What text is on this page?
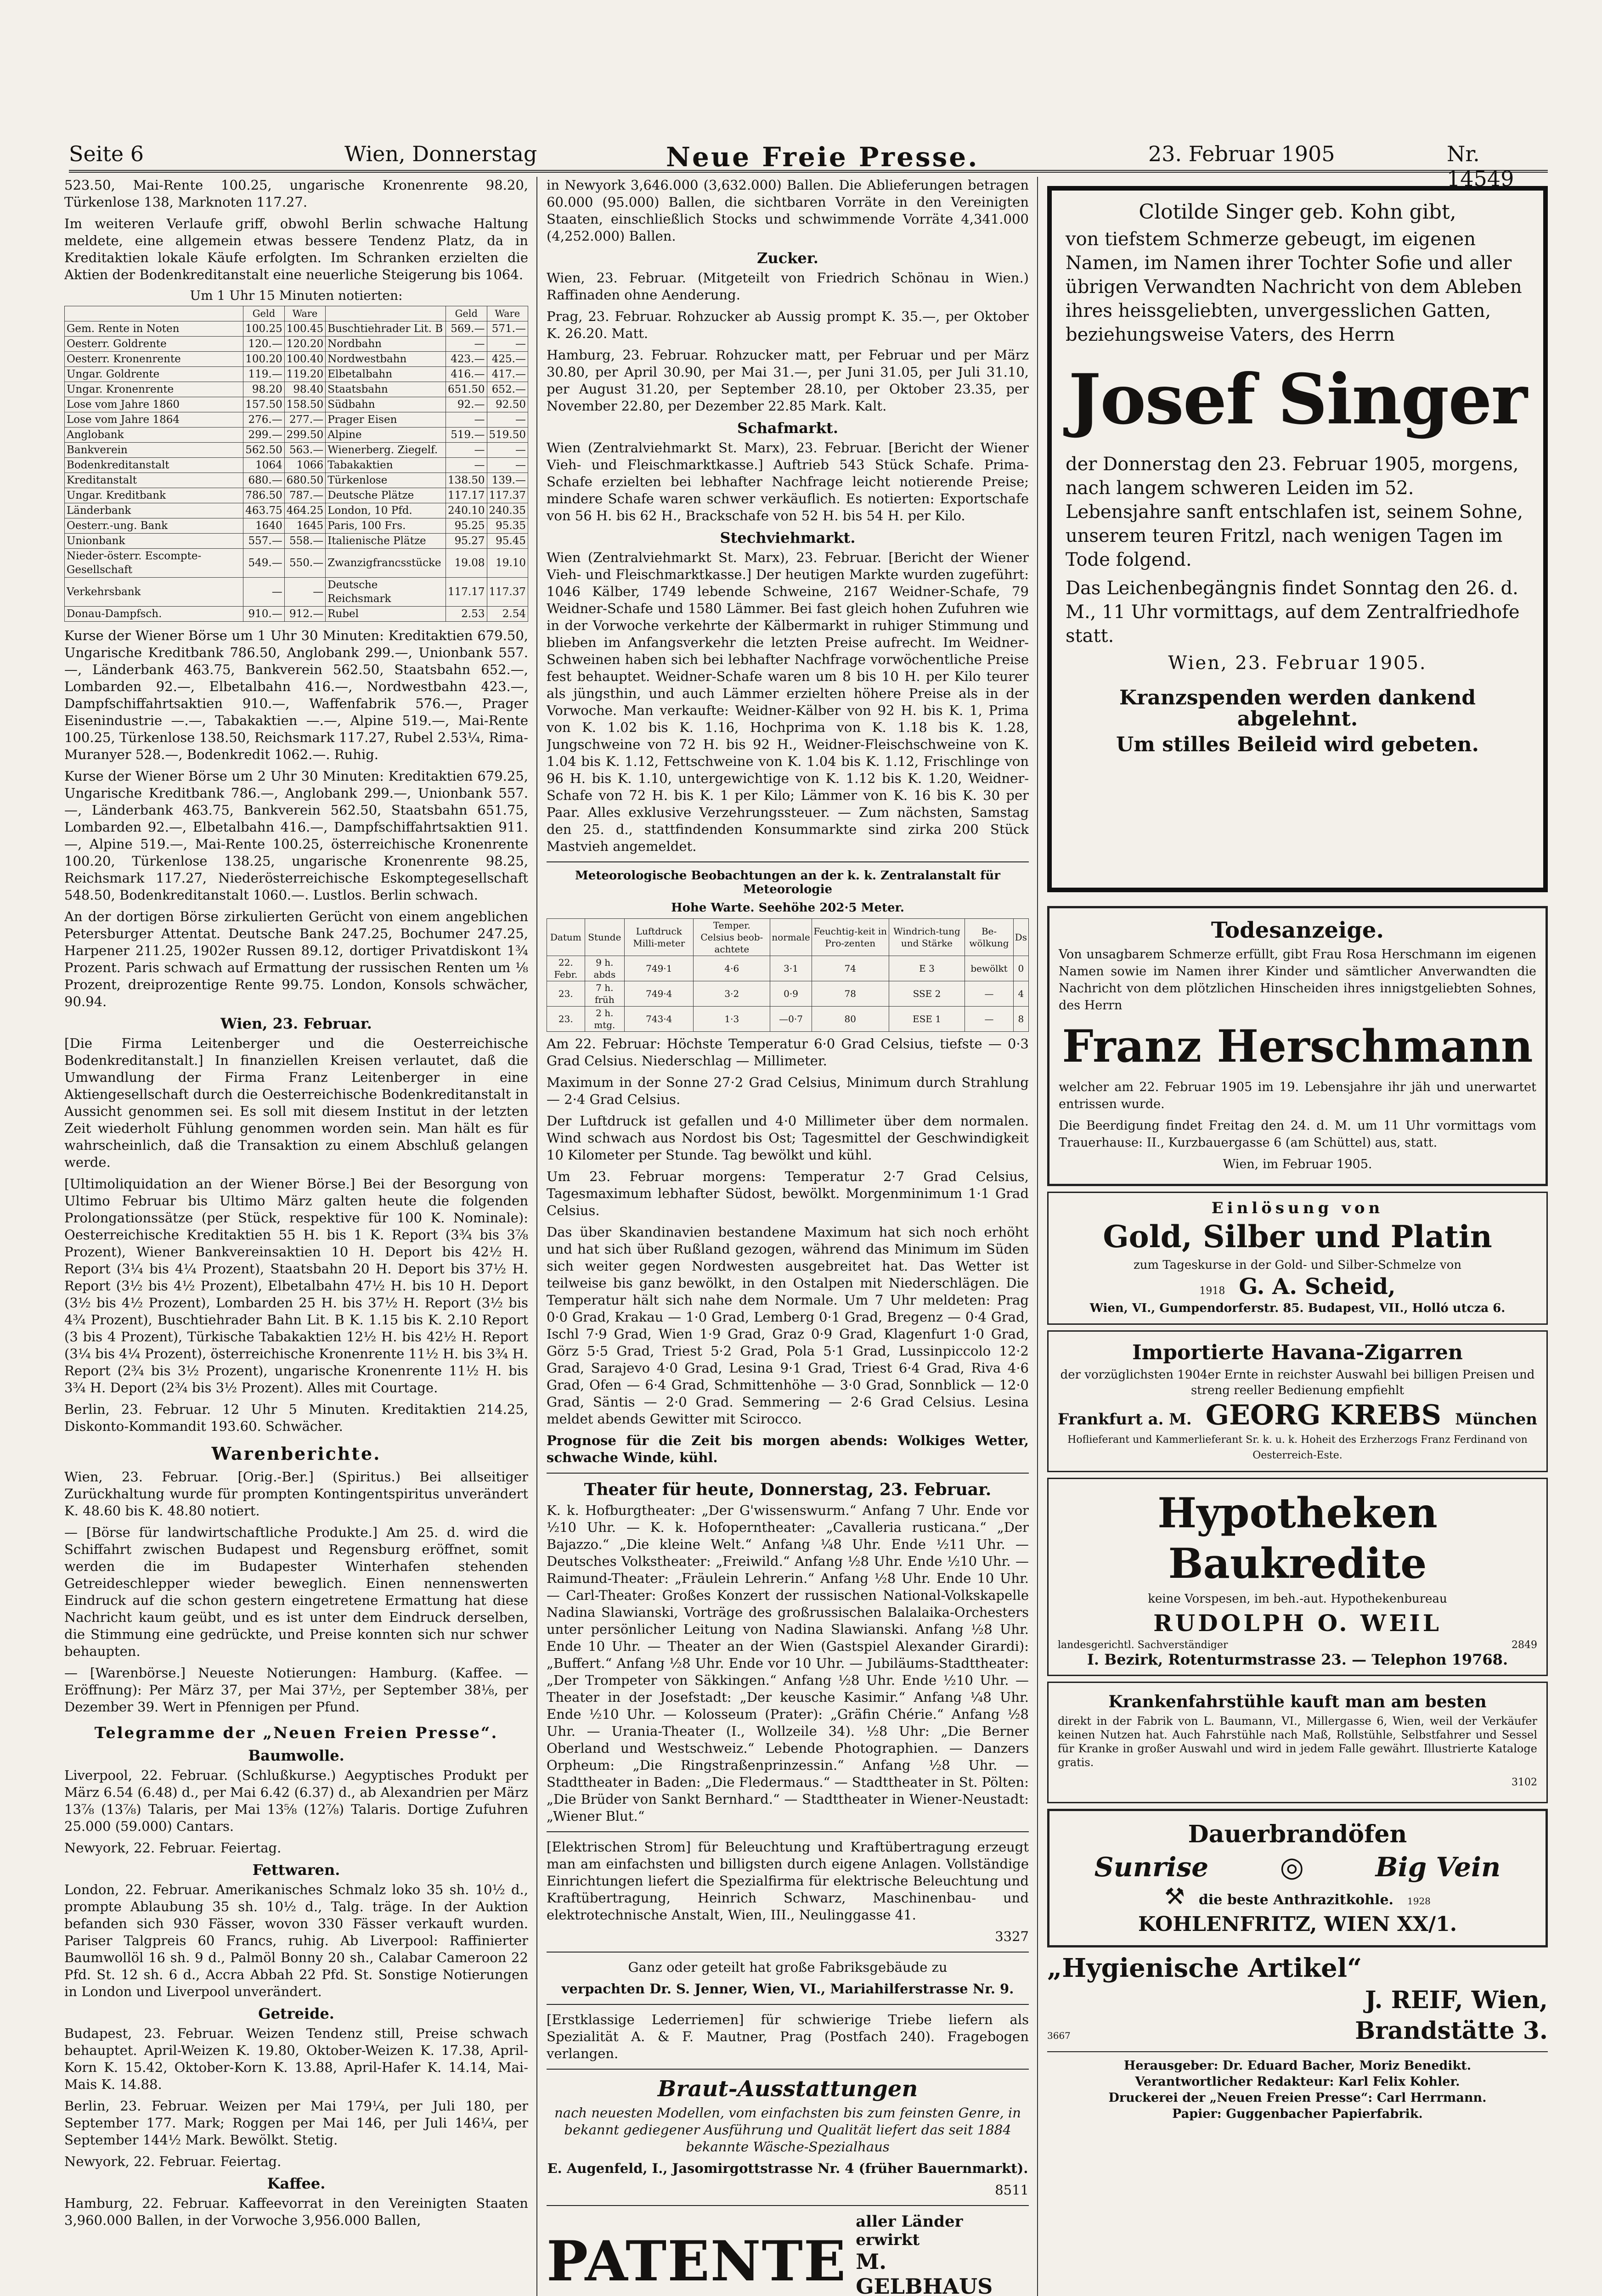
Seite 6	Wien, Donnerstag	Neue Freie Presse.	23. Februar 1905	Nr. 14549

523.50, Mai-Rente 100.25, ungarische Kronenrente 98.20, Türkenlose 138, Marknoten 117.27.

Im weiteren Verlaufe griff, obwohl Berlin schwache Haltung meldete, eine allgemein etwas bessere Tendenz Platz, da in Kreditaktien lokale Käufe erfolgten. Im Schranken erzielten die Aktien der Bodenkreditanstalt eine neuerliche Steigerung bis 1064.

Um 1 Uhr 15 Minuten notierten:
	Geld	Ware		Geld	Ware
Gem. Rente in Noten	100.25	100.45	Buschtiehrader Lit. B	569.—	571.—
Oesterr. Goldrente	120.—	120.20	Nordbahn	—	—
Oesterr. Kronenrente	100.20	100.40	Nordwestbahn	423.—	425.—
Ungar. Goldrente	119.—	119.20	Elbetalbahn	416.—	417.—
Ungar. Kronenrente	98.20	98.40	Staatsbahn	651.50	652.—
Lose vom Jahre 1860	157.50	158.50	Südbahn	92.—	92.50
Lose vom Jahre 1864	276.—	277.—	Prager Eisen	—	—
Anglobank	299.—	299.50	Alpine	519.—	519.50
Bankverein	562.50	563.—	Wienerberg. Ziegelf.	—	—
Bodenkreditanstalt	1064	1066	Tabakaktien	—	—
Kreditanstalt	680.—	680.50	Türkenlose	138.50	139.—
Ungar. Kreditbank	786.50	787.—	Deutsche Plätze	117.17	117.37
Länderbank	463.75	464.25	London, 10 Pfd.	240.10	240.35
Oesterr.-ung. Bank	1640	1645	Paris, 100 Frs.	95.25	95.35
Unionbank	557.—	558.—	Italienische Plätze	95.27	95.45
Nieder-österr. Escompte-Gesellschaft	549.—	550.—	Zwanzigfrancsstücke	19.08	19.10
Verkehrsbank	—	—	Deutsche Reichsmark	117.17	117.37
Donau-Dampfsch.	910.—	912.—	Rubel	2.53	2.54

Kurse der Wiener Börse um 1 Uhr 30 Minuten: Kreditaktien 679.50, Ungarische Kreditbank 786.50, Anglobank 299.—, Unionbank 557.—, Länderbank 463.75, Bankverein 562.50, Staatsbahn 652.—, Lombarden 92.—, Elbetalbahn 416.—, Nordwestbahn 423.—, Dampfschiffahrtsaktien 910.—, Waffenfabrik 576.—, Prager Eisenindustrie —.—, Tabakaktien —.—, Alpine 519.—, Mai-Rente 100.25, Türkenlose 138.50, Reichsmark 117.27, Rubel 2.53¼, Rima-Muranyer 528.—, Bodenkredit 1062.—. Ruhig.

Kurse der Wiener Börse um 2 Uhr 30 Minuten: Kreditaktien 679.25, Ungarische Kreditbank 786.—, Anglobank 299.—, Unionbank 557.—, Länderbank 463.75, Bankverein 562.50, Staatsbahn 651.75, Lombarden 92.—, Elbetalbahn 416.—, Dampfschiffahrtsaktien 911.—, Alpine 519.—, Mai-Rente 100.25, österreichische Kronenrente 100.20, Türkenlose 138.25, ungarische Kronenrente 98.25, Reichsmark 117.27, Niederösterreichische Eskomptegesellschaft 548.50, Bodenkreditanstalt 1060.—. Lustlos. Berlin schwach.

An der dortigen Börse zirkulierten Gerücht von einem angeblichen Petersburger Attentat. Deutsche Bank 247.25, Bochumer 247.25, Harpener 211.25, 1902er Russen 89.12, dortiger Privatdiskont 1¾ Prozent. Paris schwach auf Ermattung der russischen Renten um ⅛ Prozent, dreiprozentige Rente 99.75. London, Konsols schwächer, 90.94.

Wien, 23. Februar.

[Die Firma Leitenberger und die Oesterreichische Bodenkreditanstalt.] In finanziellen Kreisen verlautet, daß die Umwandlung der Firma Franz Leitenberger in eine Aktiengesellschaft durch die Oesterreichische Bodenkreditanstalt in Aussicht genommen sei. Es soll mit diesem Institut in der letzten Zeit wiederholt Fühlung genommen worden sein. Man hält es für wahrscheinlich, daß die Transaktion zu einem Abschluß gelangen werde.

[Ultimoliquidation an der Wiener Börse.] Bei der Besorgung von Ultimo Februar bis Ultimo März galten heute die folgenden Prolongationssätze (per Stück, respektive für 100 K. Nominale): Oesterreichische Kreditaktien 55 H. bis 1 K. Report (3¾ bis 3⅞ Prozent), Wiener Bankvereinsaktien 10 H. Deport bis 42½ H. Report (3¼ bis 4¼ Prozent), Staatsbahn 20 H. Deport bis 37½ H. Report (3½ bis 4½ Prozent), Elbetalbahn 47½ H. bis 10 H. Deport (3½ bis 4½ Prozent), Lombarden 25 H. bis 37½ H. Report (3½ bis 4¾ Prozent), Buschtiehrader Bahn Lit. B K. 1.15 bis K. 2.10 Report (3 bis 4 Prozent), Türkische Tabakaktien 12½ H. bis 42½ H. Report (3¼ bis 4¼ Prozent), österreichische Kronenrente 11½ H. bis 3¾ H. Report (2¾ bis 3½ Prozent), ungarische Kronenrente 11½ H. bis 3¾ H. Deport (2¾ bis 3½ Prozent). Alles mit Courtage.

Berlin, 23. Februar. 12 Uhr 5 Minuten. Kreditaktien 214.25, Diskonto-Kommandit 193.60. Schwächer.

Warenberichte.

Wien, 23. Februar. [Orig.-Ber.] (Spiritus.) Bei allseitiger Zurückhaltung wurde für prompten Kontingentspiritus unverändert K. 48.60 bis K. 48.80 notiert.

— [Börse für landwirtschaftliche Produkte.] Am 25. d. wird die Schiffahrt zwischen Budapest und Regensburg eröffnet, somit werden die im Budapester Winterhafen stehenden Getreideschlepper wieder beweglich. Einen nennenswerten Eindruck auf die schon gestern eingetretene Ermattung hat diese Nachricht kaum geübt, und es ist unter dem Eindruck derselben, die Stimmung eine gedrückte, und Preise konnten sich nur schwer behaupten.

— [Warenbörse.] Neueste Notierungen: Hamburg. (Kaffee. — Eröffnung): Per März 37, per Mai 37½, per September 38⅛, per Dezember 39. Wert in Pfennigen per Pfund.

Telegramme der „Neuen Freien Presse“.
Baumwolle.

Liverpool, 22. Februar. (Schlußkurse.) Aegyptisches Produkt per März 6.54 (6.48) d., per Mai 6.42 (6.37) d., ab Alexandrien per März 13⅞ (13⅞) Talaris, per Mai 13⅝ (12⅞) Talaris. Dortige Zufuhren 25.000 (59.000) Cantars.

Newyork, 22. Februar. Feiertag.

Fettwaren.

London, 22. Februar. Amerikanisches Schmalz loko 35 sh. 10½ d., prompte Ablaubung 35 sh. 10½ d., Talg. träge. In der Auktion befanden sich 930 Fässer, wovon 330 Fässer verkauft wurden. Pariser Talgpreis 60 Francs, ruhig. Ab Liverpool: Raffinierter Baumwollöl 16 sh. 9 d., Palmöl Bonny 20 sh., Calabar Cameroon 22 Pfd. St. 12 sh. 6 d., Accra Abbah 22 Pfd. St. Sonstige Notierungen in London und Liverpool unverändert.

Getreide.

Budapest, 23. Februar. Weizen Tendenz still, Preise schwach behauptet. April-Weizen K. 19.80, Oktober-Weizen K. 17.38, April-Korn K. 15.42, Oktober-Korn K. 13.88, April-Hafer K. 14.14, Mai-Mais K. 14.88.

Berlin, 23. Februar. Weizen per Mai 179¼, per Juli 180, per September 177. Mark; Roggen per Mai 146, per Juli 146¼, per September 144½ Mark. Bewölkt. Stetig.

Newyork, 22. Februar. Feiertag.

Kaffee.

Hamburg, 22. Februar. Kaffeevorrat in den Vereinigten Staaten 3,960.000 Ballen, in der Vorwoche 3,956.000 Ballen,

in Newyork 3,646.000 (3,632.000) Ballen. Die Ablieferungen betragen 60.000 (95.000) Ballen, die sichtbaren Vorräte in den Vereinigten Staaten, einschließlich Stocks und schwimmende Vorräte 4,341.000 (4,252.000) Ballen.

Zucker.

Wien, 23. Februar. (Mitgeteilt von Friedrich Schönau in Wien.) Raffinaden ohne Aenderung.

Prag, 23. Februar. Rohzucker ab Aussig prompt K. 35.—, per Oktober K. 26.20. Matt.

Hamburg, 23. Februar. Rohzucker matt, per Februar und per März 30.80, per April 30.90, per Mai 31.—, per Juni 31.05, per Juli 31.10, per August 31.20, per September 28.10, per Oktober 23.35, per November 22.80, per Dezember 22.85 Mark. Kalt.

Schafmarkt.

Wien (Zentralviehmarkt St. Marx), 23. Februar. [Bericht der Wiener Vieh- und Fleischmarktkasse.] Auftrieb 543 Stück Schafe. Prima-Schafe erzielten bei lebhafter Nachfrage leicht notierende Preise; mindere Schafe waren schwer verkäuflich. Es notierten: Exportschafe von 56 H. bis 62 H., Brackschafe von 52 H. bis 54 H. per Kilo.

Stechviehmarkt.

Wien (Zentralviehmarkt St. Marx), 23. Februar. [Bericht der Wiener Vieh- und Fleischmarktkasse.] Der heutigen Markte wurden zugeführt: 1046 Kälber, 1749 lebende Schweine, 2167 Weidner-Schafe, 79 Weidner-Schafe und 1580 Lämmer. Bei fast gleich hohen Zufuhren wie in der Vorwoche verkehrte der Kälbermarkt in ruhiger Stimmung und blieben im Anfangsverkehr die letzten Preise aufrecht. Im Weidner-Schweinen haben sich bei lebhafter Nachfrage vorwöchentliche Preise fest behauptet. Weidner-Schafe waren um 8 bis 10 H. per Kilo teurer als jüngsthin, und auch Lämmer erzielten höhere Preise als in der Vorwoche. Man verkaufte: Weidner-Kälber von 92 H. bis K. 1, Prima von K. 1.02 bis K. 1.16, Hochprima von K. 1.18 bis K. 1.28, Jungschweine von 72 H. bis 92 H., Weidner-Fleischschweine von K. 1.04 bis K. 1.12, Fettschweine von K. 1.04 bis K. 1.12, Frischlinge von 96 H. bis K. 1.10, untergewichtige von K. 1.12 bis K. 1.20, Weidner-Schafe von 72 H. bis K. 1 per Kilo; Lämmer von K. 16 bis K. 30 per Paar. Alles exklusive Verzehrungssteuer. — Zum nächsten, Samstag den 25. d., stattfindenden Konsummarkte sind zirka 200 Stück Mastvieh angemeldet.

Meteorologische Beobachtungen an der k. k. Zentralanstalt für Meteorologie
Hohe Warte. Seehöhe 202·5 Meter.
Datum	Stunde	Luftdruck Milli-meter	Temper. Celsius beob-achtete	normale	Feuchtig-keit in Pro-zenten	Windrich-tung und Stärke	Be-wölkung	Ds
22. Febr.	9 h. abds	749·1	4·6	3·1	74	E 3	bewölkt	0
23.	7 h. früh	749·4	3·2	0·9	78	SSE 2	—	4
23.	2 h. mtg.	743·4	1·3	—0·7	80	ESE 1	—	8

Am 22. Februar: Höchste Temperatur 6·0 Grad Celsius, tiefste — 0·3 Grad Celsius. Niederschlag — Millimeter.

Maximum in der Sonne 27·2 Grad Celsius, Minimum durch Strahlung — 2·4 Grad Celsius.

Der Luftdruck ist gefallen und 4·0 Millimeter über dem normalen. Wind schwach aus Nordost bis Ost; Tagesmittel der Geschwindigkeit 10 Kilometer per Stunde. Tag bewölkt und kühl.

Um 23. Februar morgens: Temperatur 2·7 Grad Celsius, Tagesmaximum lebhafter Südost, bewölkt. Morgenminimum 1·1 Grad Celsius.

Das über Skandinavien bestandene Maximum hat sich noch erhöht und hat sich über Rußland gezogen, während das Minimum im Süden sich weiter gegen Nordwesten ausgebreitet hat. Das Wetter ist teilweise bis ganz bewölkt, in den Ostalpen mit Niederschlägen. Die Temperatur hält sich nahe dem Normale. Um 7 Uhr meldeten: Prag 0·0 Grad, Krakau — 1·0 Grad, Lemberg 0·1 Grad, Bregenz — 0·4 Grad, Ischl 7·9 Grad, Wien 1·9 Grad, Graz 0·9 Grad, Klagenfurt 1·0 Grad, Görz 5·5 Grad, Triest 5·2 Grad, Pola 5·1 Grad, Lussinpiccolo 12·2 Grad, Sarajevo 4·0 Grad, Lesina 9·1 Grad, Triest 6·4 Grad, Riva 4·6 Grad, Ofen — 6·4 Grad, Schmittenhöhe — 3·0 Grad, Sonnblick — 12·0 Grad, Säntis — 2·0 Grad. Semmering — 2·6 Grad Celsius. Lesina meldet abends Gewitter mit Scirocco.

Prognose für die Zeit bis morgen abends: Wolkiges Wetter, schwache Winde, kühl.

Theater für heute, Donnerstag, 23. Februar.

K. k. Hofburgtheater: „Der G'wissenswurm.“ Anfang 7 Uhr. Ende vor ½10 Uhr. — K. k. Hofoperntheater: „Cavalleria rusticana.“ „Der Bajazzo.“ „Die kleine Welt.“ Anfang ¼8 Uhr. Ende ½11 Uhr. — Deutsches Volkstheater: „Freiwild.“ Anfang ½8 Uhr. Ende ½10 Uhr. — Raimund-Theater: „Fräulein Lehrerin.“ Anfang ½8 Uhr. Ende 10 Uhr. — Carl-Theater: Großes Konzert der russischen National-Volkskapelle Nadina Slawianski, Vorträge des großrussischen Balalaika-Orchesters unter persönlicher Leitung von Nadina Slawianski. Anfang ½8 Uhr. Ende 10 Uhr. — Theater an der Wien (Gastspiel Alexander Girardi): „Buffert.“ Anfang ½8 Uhr. Ende vor 10 Uhr. — Jubiläums-Stadttheater: „Der Trompeter von Säkkingen.“ Anfang ½8 Uhr. Ende ½10 Uhr. — Theater in der Josefstadt: „Der keusche Kasimir.“ Anfang ¼8 Uhr. Ende ½10 Uhr. — Kolosseum (Prater): „Gräfin Chérie.“ Anfang ½8 Uhr. — Urania-Theater (I., Wollzeile 34). ½8 Uhr: „Die Berner Oberland und Westschweiz.“ Lebende Photographien. — Danzers Orpheum: „Die Ringstraßenprinzessin.“ Anfang ½8 Uhr. — Stadttheater in Baden: „Die Fledermaus.“ — Stadttheater in St. Pölten: „Die Brüder von Sankt Bernhard.“ — Stadttheater in Wiener-Neustadt: „Wiener Blut.“

[Elektrischen Strom] für Beleuchtung und Kraftübertragung erzeugt man am einfachsten und billigsten durch eigene Anlagen. Vollständige Einrichtungen liefert die Spezialfirma für elektrische Beleuchtung und Kraftübertragung, Heinrich Schwarz, Maschinenbau- und elektrotechnische Anstalt, Wien, III., Neulinggasse 41.

3327

Ganz oder geteilt hat große Fabriksgebäude zu

verpachten Dr. S. Jenner, Wien, VI., Mariahilferstrasse Nr. 9.

[Erstklassige Lederriemen] für schwierige Triebe liefern als Spezialität A. & F. Mautner, Prag (Postfach 240). Fragebogen verlangen.

Braut-Ausstattungen

nach neuesten Modellen, vom einfachsten bis zum feinsten Genre, in bekannt gediegener Ausführung und Qualität liefert das seit 1884 bekannte Wäsche-Spezialhaus

E. Augenfeld, I., Jasomirgottstrasse Nr. 4 (früher Bauernmarkt).

8511

PATENTE
aller Länder
erwirkt
M. GELBHAUS

Clotilde Singer geb. Kohn gibt,

von tiefstem Schmerze gebeugt, im eigenen Namen, im Namen ihrer Tochter Sofie und aller übrigen Verwandten Nachricht von dem Ableben ihres heissgeliebten, unvergesslichen Gatten, beziehungsweise Vaters, des Herrn

Josef Singer

der Donnerstag den 23. Februar 1905, morgens, nach langem schweren Leiden im 52. Lebensjahre sanft entschlafen ist, seinem Sohne, unserem teuren Fritzl, nach wenigen Tagen im Tode folgend.

Das Leichenbegängnis findet Sonntag den 26. d. M., 11 Uhr vormittags, auf dem Zentralfriedhofe statt.

Wien, 23. Februar 1905.

Kranzspenden werden dankend abgelehnt.

Um stilles Beileid wird gebeten.

Todesanzeige.

Von unsagbarem Schmerze erfüllt, gibt Frau Rosa Herschmann im eigenen Namen sowie im Namen ihrer Kinder und sämtlicher Anverwandten die Nachricht von dem plötzlichen Hinscheiden ihres innigstgeliebten Sohnes, des Herrn

Franz Herschmann

welcher am 22. Februar 1905 im 19. Lebensjahre ihr jäh und unerwartet entrissen wurde.

Die Beerdigung findet Freitag den 24. d. M. um 11 Uhr vormittags vom Trauerhause: II., Kurzbauergasse 6 (am Schüttel) aus, statt.

Wien, im Februar 1905.

Einlösung von
Gold, Silber und Platin
zum Tageskurse in der Gold- und Silber-Schmelze von
1918 G. A. Scheid,
Wien, VI., Gumpendorferstr. 85. Budapest, VII., Holló utcza 6.
Importierte Havana-Zigarren
der vorzüglichsten 1904er Ernte in reichster Auswahl bei billigen Preisen und streng reeller Bedienung empfiehlt
Frankfurt a. M. GEORG KREBS München
Hoflieferant und Kammerlieferant Sr. k. u. k. Hoheit des Erzherzogs Franz Ferdinand von Oesterreich-Este.
Hypotheken
Baukredite
keine Vorspesen, im beh.-aut. Hypothekenbureau
RUDOLPH O. WEIL
landesgerichtl. Sachverständiger	2849
I. Bezirk, Rotenturmstrasse 23. — Telephon 19768.
Krankenfahrstühle kauft man am besten

direkt in der Fabrik von L. Baumann, VI., Millergasse 6, Wien, weil der Verkäufer keinen Nutzen hat. Auch Fahrstühle nach Maß, Rollstühle, Selbstfahrer und Sessel für Kranke in großer Auswahl und wird in jedem Falle gewährt. Illustrierte Kataloge gratis.

3102

Dauerbrandöfen
Sunrise	◎	Big Vein
⚒ die beste Anthrazitkohle. 1928
KOHLENFRITZ, WIEN XX/1.
„Hygienische Artikel“
J. REIF, Wien,
3667	Brandstätte 3.
Herausgeber: Dr. Eduard Bacher, Moriz Benedikt.
Verantwortlicher Redakteur: Karl Felix Kohler.
Druckerei der „Neuen Freien Presse“: Carl Herrmann.
Papier: Guggenbacher Papierfabrik.
